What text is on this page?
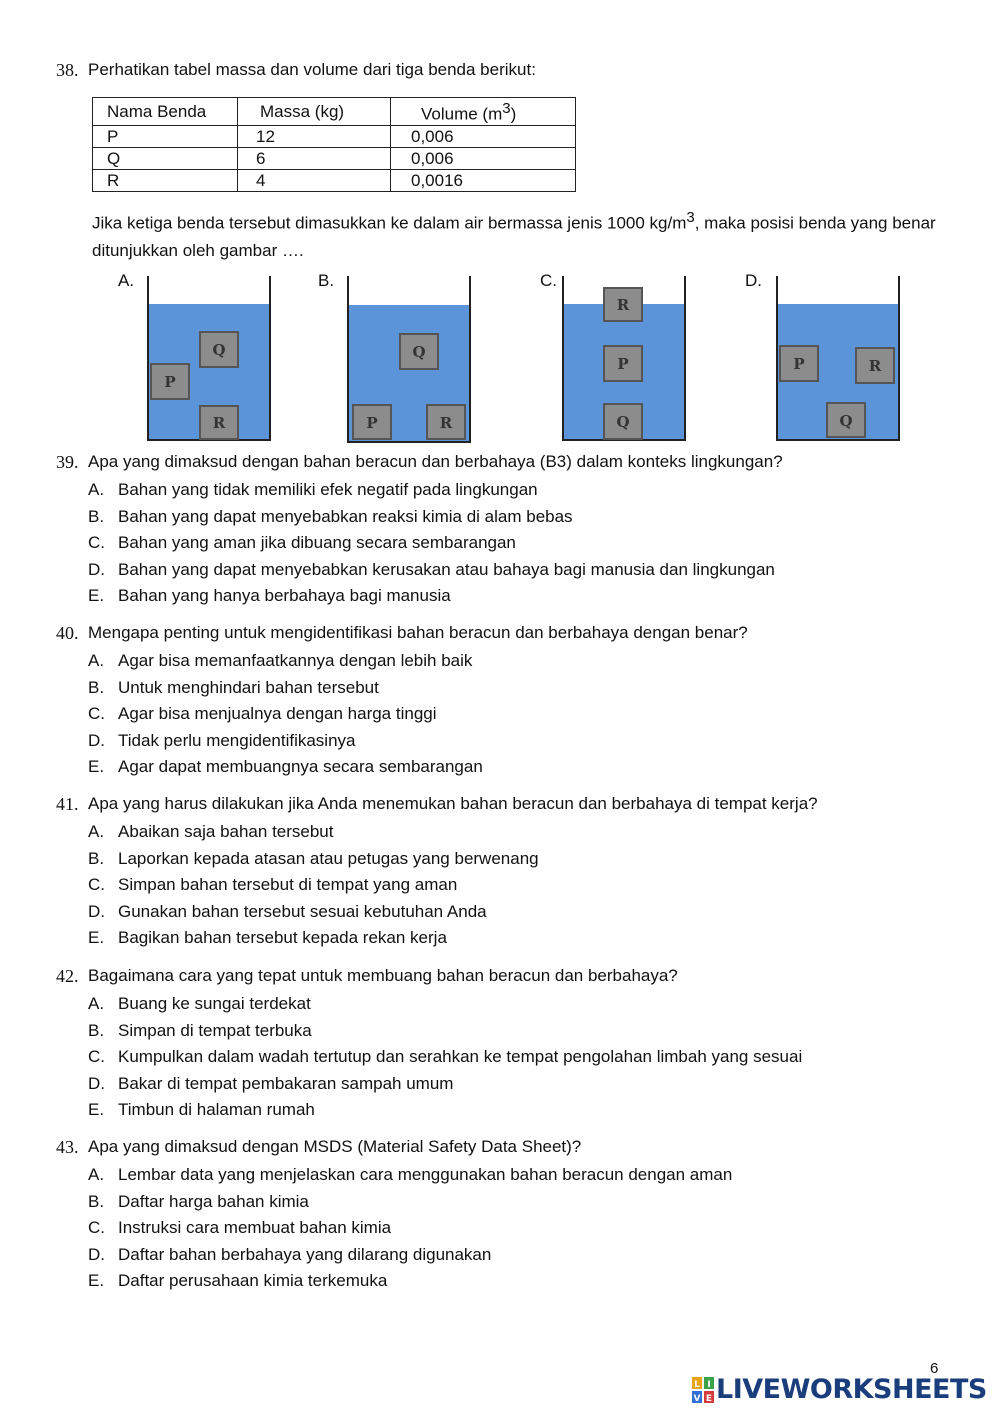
38. Perhatikan tabel massa dan volume dari tiga benda berikut:
Nama Benda	Massa (kg)	Volume $(m^3)$
P	12	0,006
Q	6	0,006
R	4	0,0016
Jika ketiga benda tersebut dimasukkan ke dalam air bermassa jenis 1000 $kg/m^3$, maka posisi benda yang benar ditunjukkan oleh gambar ….
A.	B.	C.	D.
Q
P
R
Q
P	R
R
P
Q
P	R
Q
39. Apa yang dimaksud dengan bahan beracun dan berbahaya (B3) dalam konteks lingkungan?
A. Bahan yang tidak memiliki efek negatif pada lingkungan
B. Bahan yang dapat menyebabkan reaksi kimia di alam bebas
C. Bahan yang aman jika dibuang secara sembarangan
D. Bahan yang dapat menyebabkan kerusakan atau bahaya bagi manusia dan lingkungan
E. Bahan yang hanya berbahaya bagi manusia
40. Mengapa penting untuk mengidentifikasi bahan beracun dan berbahaya dengan benar?
A. Agar bisa memanfaatkannya dengan lebih baik
B. Untuk menghindari bahan tersebut
C. Agar bisa menjualnya dengan harga tinggi
D. Tidak perlu mengidentifikasinya
E. Agar dapat membuangnya secara sembarangan
41. Apa yang harus dilakukan jika Anda menemukan bahan beracun dan berbahaya di tempat kerja?
A. Abaikan saja bahan tersebut
B. Laporkan kepada atasan atau petugas yang berwenang
C. Simpan bahan tersebut di tempat yang aman
D. Gunakan bahan tersebut sesuai kebutuhan Anda
E. Bagikan bahan tersebut kepada rekan kerja
42. Bagaimana cara yang tepat untuk membuang bahan beracun dan berbahaya?
A. Buang ke sungai terdekat
B. Simpan di tempat terbuka
C. Kumpulkan dalam wadah tertutup dan serahkan ke tempat pengolahan limbah yang sesuai
D. Bakar di tempat pembakaran sampah umum
E. Timbun di halaman rumah
43. Apa yang dimaksud dengan MSDS (Material Safety Data Sheet)?
A. Lembar data yang menjelaskan cara menggunakan bahan beracun dengan aman
B. Daftar harga bahan kimia
C. Instruksi cara membuat bahan kimia
D. Daftar bahan berbahaya yang dilarang digunakan
E. Daftar perusahaan kimia terkemuka
6
L I
V E LIVEWORKSHEETS
